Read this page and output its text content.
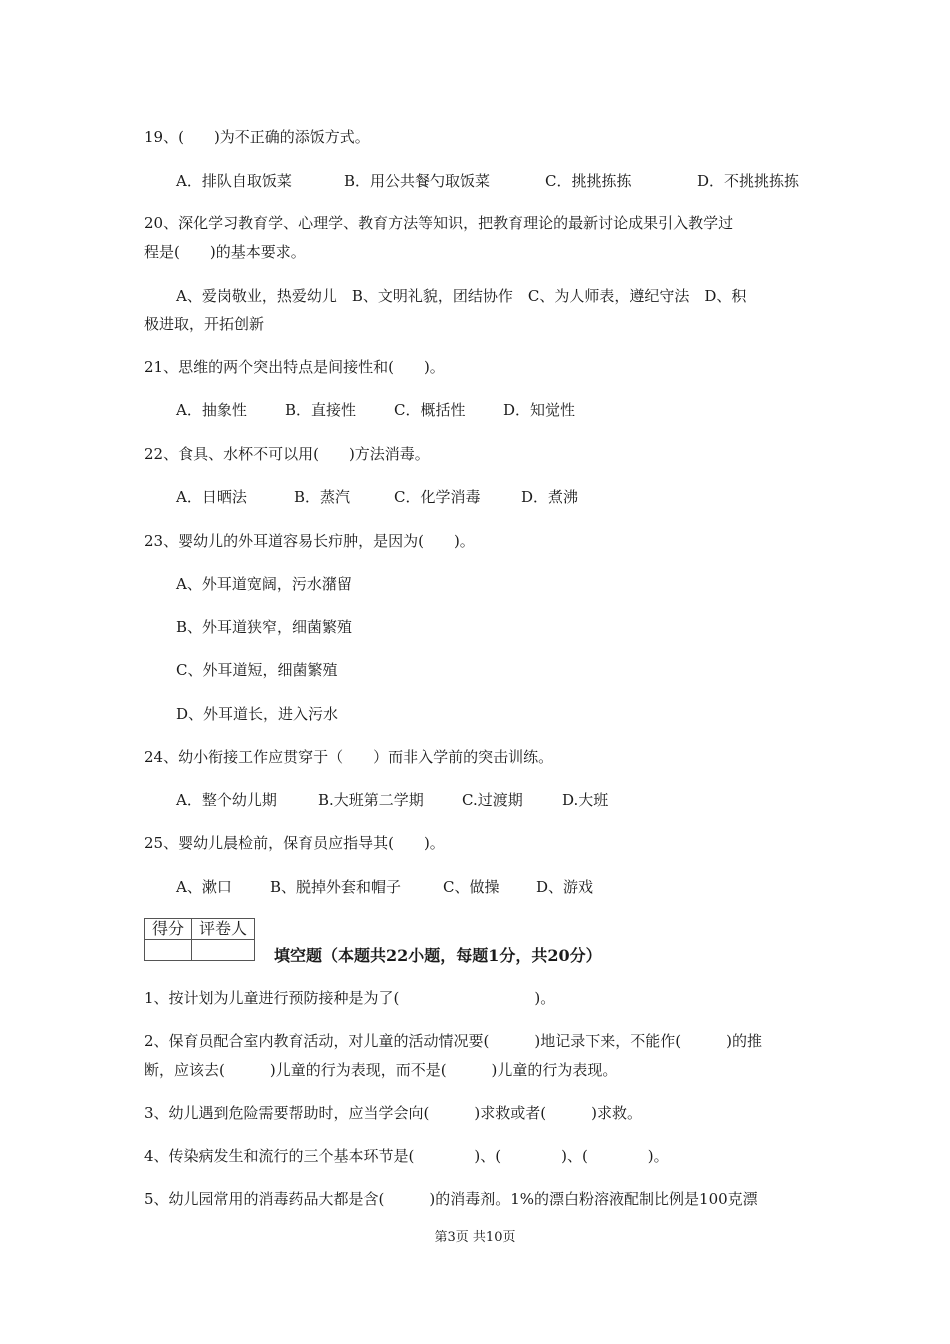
19、(　　)为不正确的添饭方式。
A．排队自取饭菜	B．用公共餐勺取饭菜	C．挑挑拣拣	D．不挑挑拣拣
20、深化学习教育学、心理学、教育方法等知识，把教育理论的最新讨论成果引入教学过
程是(　　)的基本要求。
A、爱岗敬业，热爱幼儿　B、文明礼貌，团结协作　C、为人师表，遵纪守法　D、积
极进取，开拓创新
21、思维的两个突出特点是间接性和(　　)。
A．抽象性	B．直接性	C．概括性	D．知觉性
22、食具、水杯不可以用(　　)方法消毒。
A．日晒法	B．蒸汽	C．化学消毒	D．煮沸
23、婴幼儿的外耳道容易长疖肿，是因为(　　)。
A、外耳道宽阔，污水潴留
B、外耳道狭窄，细菌繁殖
C、外耳道短，细菌繁殖
D、外耳道长，进入污水
24、幼小衔接工作应贯穿于（　　）而非入学前的突击训练。
A．整个幼儿期	B.大班第二学期	C.过渡期	D.大班
25、婴幼儿晨检前，保育员应指导其(　　)。
A、漱口	B、脱掉外套和帽子	C、做操 D、游戏
得分	评卷人

填空题（本题共22小题，每题1分，共20分）
1、按计划为儿童进行预防接种是为了(　　　　　　　　　)。
2、保育员配合室内教育活动，对儿童的活动情况要(　　　)地记录下来，不能作(　　　)的推
断，应该去(　　　)儿童的行为表现，而不是(　　　)儿童的行为表现。
3、幼儿遇到危险需要帮助时，应当学会向(　　　)求救或者(　　　)求救。
4、传染病发生和流行的三个基本环节是(　　　　)、(　　　　)、(　　　　)。
5、幼儿园常用的消毒药品大都是含(　　　)的消毒剂。1%的漂白粉溶液配制比例是100克漂
第3页 共10页
